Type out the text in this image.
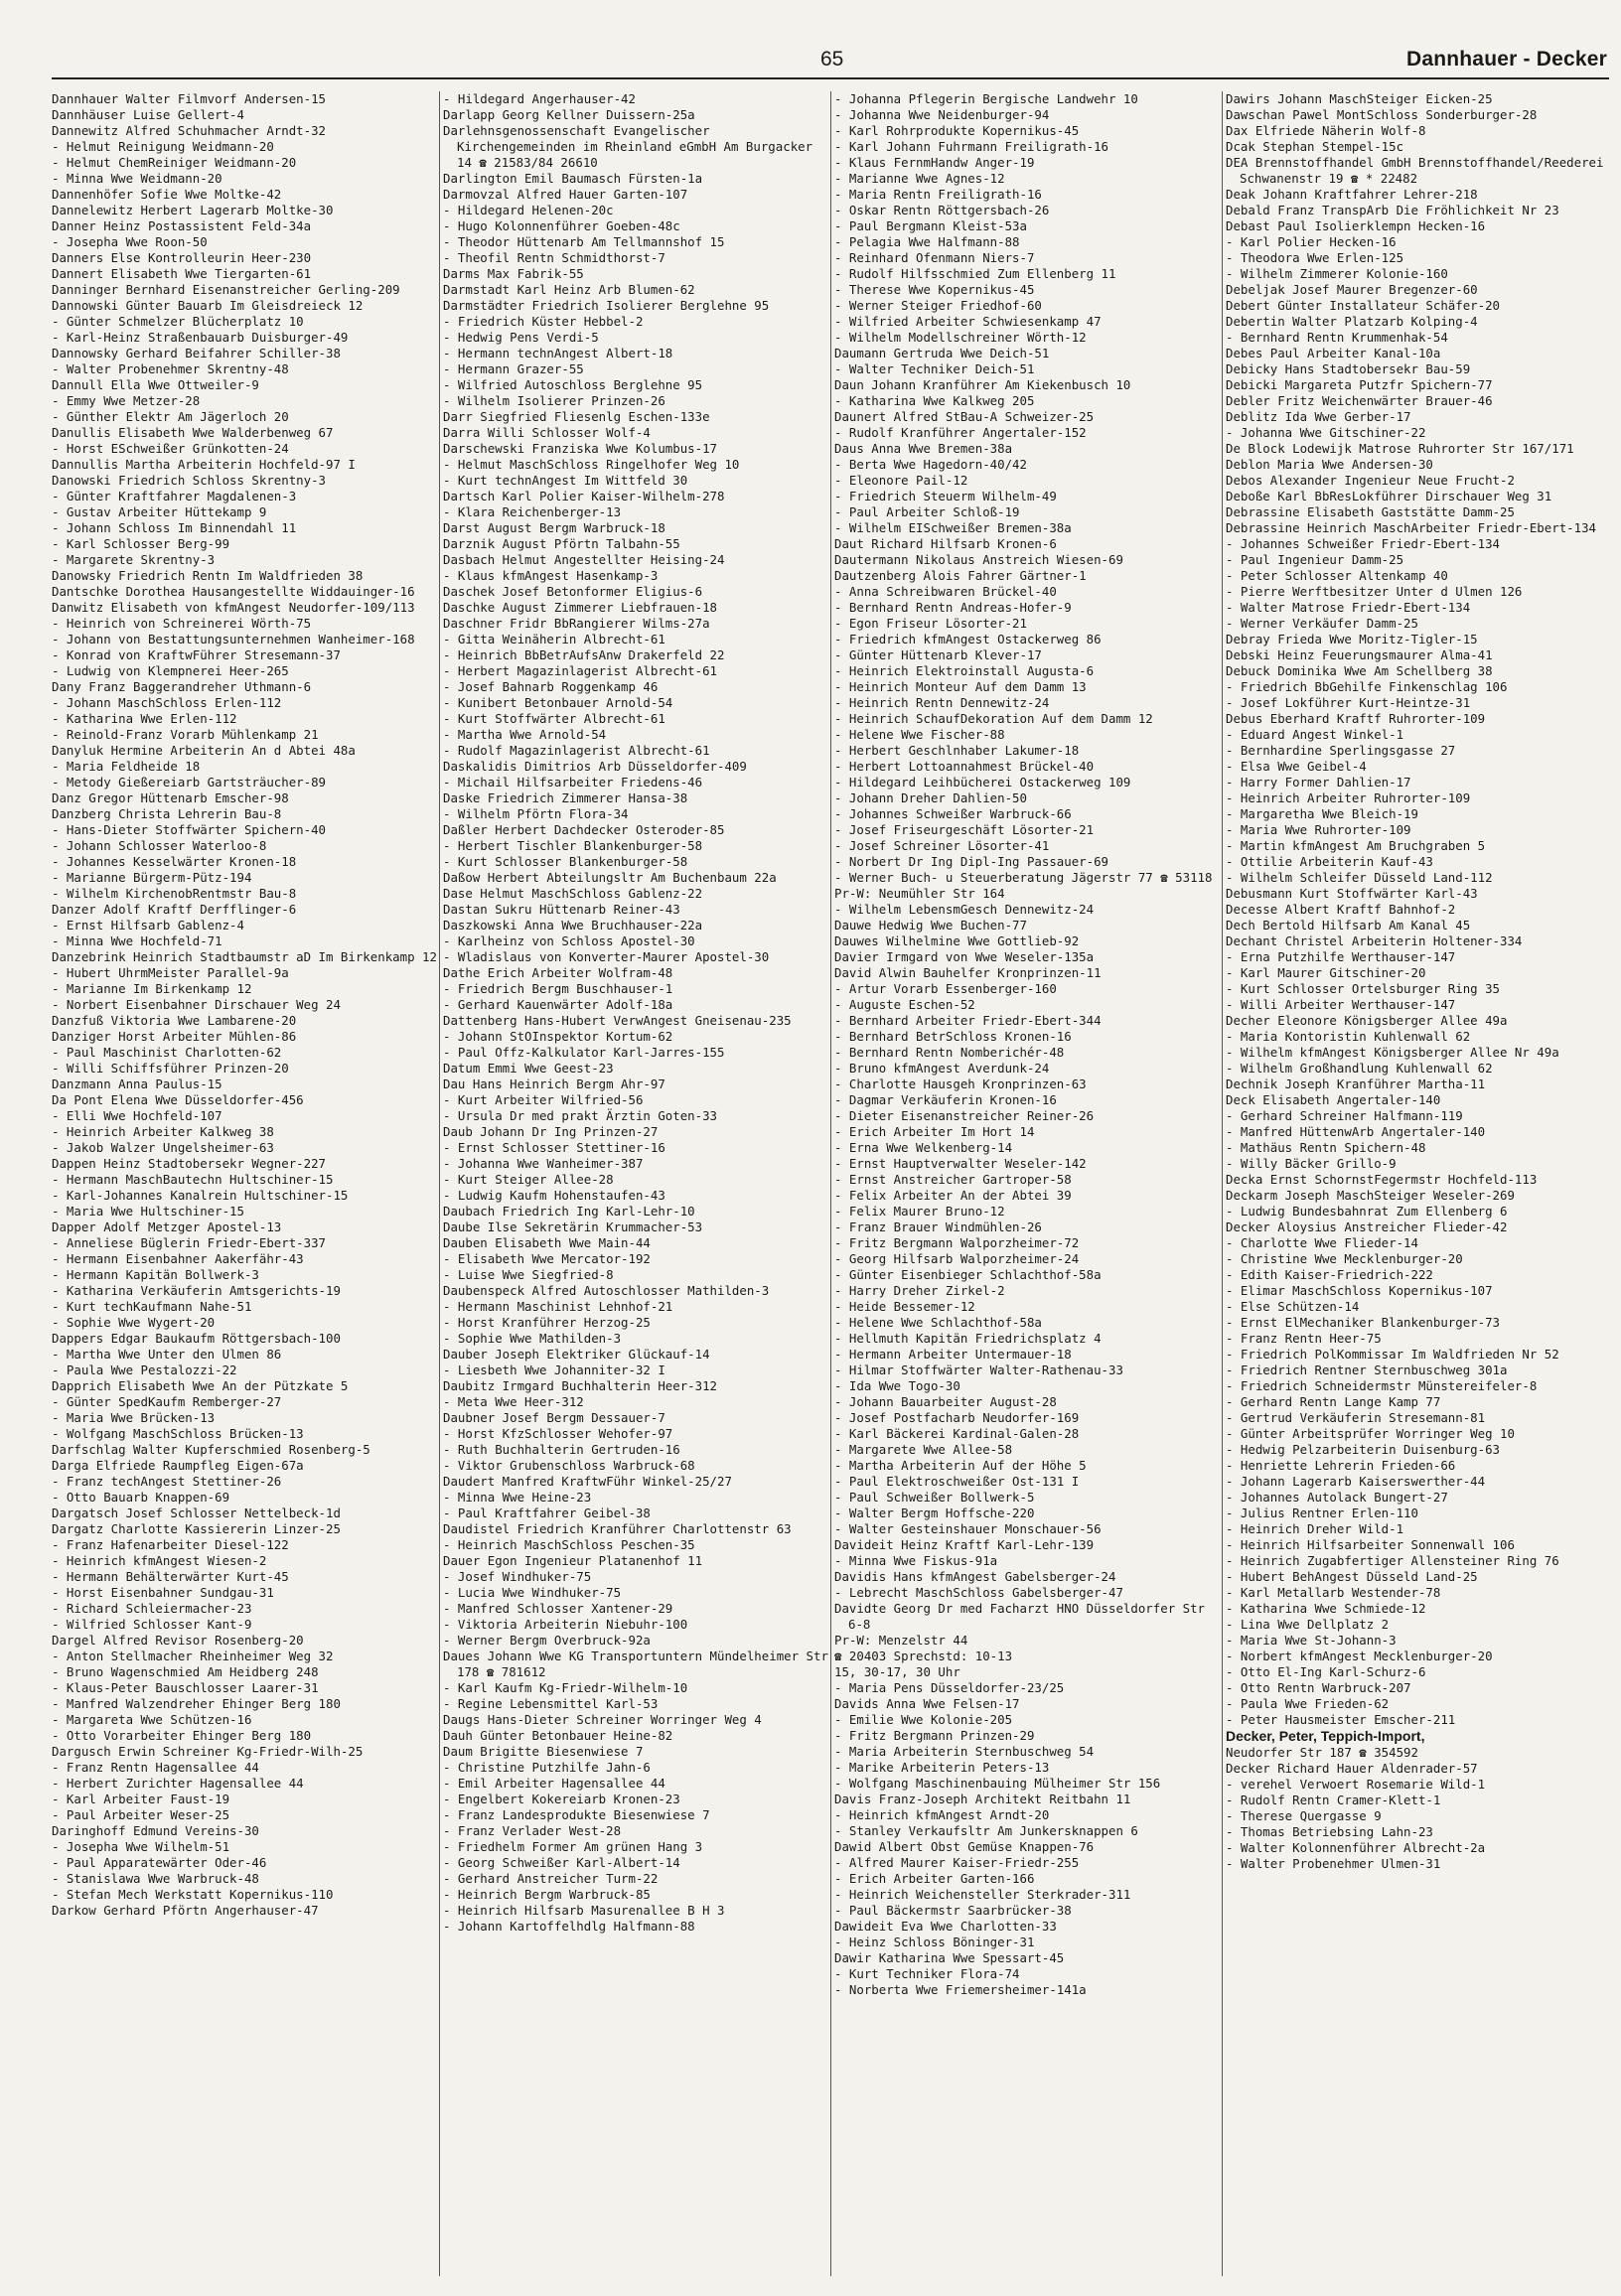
65	Dannhauer - Decker
Dannhauer Walter Filmvorf Andersen-15
Dannhäuser Luise Gellert-4
Dannewitz Alfred Schuhmacher Arndt-32
- Helmut Reinigung Weidmann-20
- Helmut ChemReiniger Weidmann-20
- Minna Wwe Weidmann-20
Dannenhöfer Sofie Wwe Moltke-42
Dannelewitz Herbert Lagerarb Moltke-30
Danner Heinz Postassistent Feld-34a
- Josepha Wwe Roon-50
Danners Else Kontrolleurin Heer-230
Dannert Elisabeth Wwe Tiergarten-61
Danninger Bernhard Eisenanstreicher Gerling-209
Dannowski Günter Bauarb Im Gleisdreieck 12
- Günter Schmelzer Blücherplatz 10
- Karl-Heinz Straßenbauarb Duisburger-49
Dannowsky Gerhard Beifahrer Schiller-38
- Walter Probenehmer Skrentny-48
Dannull Ella Wwe Ottweiler-9
- Emmy Wwe Metzer-28
- Günther Elektr Am Jägerloch 20
Danullis Elisabeth Wwe Walderbenweg 67
- Horst ESchweißer Grünkotten-24
Dannullis Martha Arbeiterin Hochfeld-97 I
Danowski Friedrich Schloss Skrentny-3
- Günter Kraftfahrer Magdalenen-3
- Gustav Arbeiter Hüttekamp 9
- Johann Schloss Im Binnendahl 11
- Karl Schlosser Berg-99
- Margarete Skrentny-3
Danowsky Friedrich Rentn Im Waldfrieden 38
Dantschke Dorothea Hausangestellte Widdauinger-16
Danwitz Elisabeth von kfmAngest Neudorfer-109/113
- Heinrich von Schreinerei Wörth-75
- Johann von Bestattungsunternehmen Wanheimer-168
- Konrad von KraftwFührer Stresemann-37
- Ludwig von Klempnerei Heer-265
Dany Franz Baggerandreher Uthmann-6
- Johann MaschSchloss Erlen-112
- Katharina Wwe Erlen-112
- Reinold-Franz Vorarb Mühlenkamp 21
Danyluk Hermine Arbeiterin An d Abtei 48a
- Maria Feldheide 18
- Metody Gießereiarb Gartsträucher-89
Danz Gregor Hüttenarb Emscher-98
Danzberg Christa Lehrerin Bau-8
- Hans-Dieter Stoffwärter Spichern-40
- Johann Schlosser Waterloo-8
- Johannes Kesselwärter Kronen-18
- Marianne Bürgerm-Pütz-194
- Wilhelm KirchenobRentmstr Bau-8
Danzer Adolf Kraftf Derfflinger-6
- Ernst Hilfsarb Gablenz-4
- Minna Wwe Hochfeld-71
Danzebrink Heinrich Stadtbaumstr aD Im Birkenkamp 12
- Hubert UhrmMeister Parallel-9a
- Marianne Im Birkenkamp 12
- Norbert Eisenbahner Dirschauer Weg 24
Danzfuß Viktoria Wwe Lambarene-20
Danziger Horst Arbeiter Mühlen-86
- Paul Maschinist Charlotten-62
- Willi Schiffsführer Prinzen-20
Danzmann Anna Paulus-15
Da Pont Elena Wwe Düsseldorfer-456
- Elli Wwe Hochfeld-107
- Heinrich Arbeiter Kalkweg 38
- Jakob Walzer Ungelsheimer-63
Dappen Heinz Stadtobersekr Wegner-227
- Hermann MaschBautechn Hultschiner-15
- Karl-Johannes Kanalrein Hultschiner-15
- Maria Wwe Hultschiner-15
Dapper Adolf Metzger Apostel-13
- Anneliese Büglerin Friedr-Ebert-337
- Hermann Eisenbahner Aakerfähr-43
- Hermann Kapitän Bollwerk-3
- Katharina Verkäuferin Amtsgerichts-19
- Kurt techKaufmann Nahe-51
- Sophie Wwe Wygert-20
Dappers Edgar Baukaufm Röttgersbach-100
- Martha Wwe Unter den Ulmen 86
- Paula Wwe Pestalozzi-22
Dapprich Elisabeth Wwe An der Pützkate 5
- Günter SpedKaufm Remberger-27
- Maria Wwe Brücken-13
- Wolfgang MaschSchloss Brücken-13
Darfschlag Walter Kupferschmied Rosenberg-5
Darga Elfriede Raumpfleg Eigen-67a
- Franz techAngest Stettiner-26
- Otto Bauarb Knappen-69
Dargatsch Josef Schlosser Nettelbeck-1d
Dargatz Charlotte Kassiererin Linzer-25
- Franz Hafenarbeiter Diesel-122
- Heinrich kfmAngest Wiesen-2
- Hermann Behälterwärter Kurt-45
- Horst Eisenbahner Sundgau-31
- Richard Schleiermacher-23
- Wilfried Schlosser Kant-9
Dargel Alfred Revisor Rosenberg-20
- Anton Stellmacher Rheinheimer Weg 32
- Bruno Wagenschmied Am Heidberg 248
- Klaus-Peter Bauschlosser Laarer-31
- Manfred Walzendreher Ehinger Berg 180
- Margareta Wwe Schützen-16
- Otto Vorarbeiter Ehinger Berg 180
Dargusch Erwin Schreiner Kg-Friedr-Wilh-25
- Franz Rentn Hagensallee 44
- Herbert Zurichter Hagensallee 44
- Karl Arbeiter Faust-19
- Paul Arbeiter Weser-25
Daringhoff Edmund Vereins-30
- Josepha Wwe Wilhelm-51
- Paul Apparatewärter Oder-46
- Stanislawa Wwe Warbruck-48
- Stefan Mech Werkstatt Kopernikus-110
Darkow Gerhard Pförtn Angerhauser-47
- Hildegard Angerhauser-42
Darlapp Georg Kellner Duissern-25a
Darlehnsgenossenschaft Evangelischer Kirchengemeinden im Rheinland eGmbH Am Burgacker 14 ☎ 21583/84 26610
Darlington Emil Baumasch Fürsten-1a
Darmovzal Alfred Hauer Garten-107
- Hildegard Helenen-20c
- Hugo Kolonnenführer Goeben-48c
- Theodor Hüttenarb Am Tellmannshof 15
- Theofil Rentn Schmidthorst-7
Darms Max Fabrik-55
Darmstadt Karl Heinz Arb Blumen-62
Darmstädter Friedrich Isolierer Berglehne 95
- Friedrich Küster Hebbel-2
- Hedwig Pens Verdi-5
- Hermann technAngest Albert-18
- Hermann Grazer-55
- Wilfried Autoschloss Berglehne 95
- Wilhelm Isolierer Prinzen-26
Darr Siegfried Fliesenlg Eschen-133e
Darra Willi Schlosser Wolf-4
Darschewski Franziska Wwe Kolumbus-17
- Helmut MaschSchloss Ringelhofer Weg 10
- Kurt technAngest Im Wittfeld 30
Dartsch Karl Polier Kaiser-Wilhelm-278
- Klara Reichenberger-13
Darst August Bergm Warbruck-18
Darznik August Pförtn Talbahn-55
Dasbach Helmut Angestellter Heising-24
- Klaus kfmAngest Hasenkamp-3
Daschek Josef Betonformer Eligius-6
Daschke August Zimmerer Liebfrauen-18
Daschner Fridr BbRangierer Wilms-27a
- Gitta Weinäherin Albrecht-61
- Heinrich BbBetrAufsAnw Drakerfeld 22
- Herbert Magazinlagerist Albrecht-61
- Josef Bahnarb Roggenkamp 46
- Kunibert Betonbauer Arnold-54
- Kurt Stoffwärter Albrecht-61
- Martha Wwe Arnold-54
- Rudolf Magazinlagerist Albrecht-61
Daskalidis Dimitrios Arb Düsseldorfer-409
- Michail Hilfsarbeiter Friedens-46
Daske Friedrich Zimmerer Hansa-38
- Wilhelm Pförtn Flora-34
Daßler Herbert Dachdecker Osteroder-85
- Herbert Tischler Blankenburger-58
- Kurt Schlosser Blankenburger-58
Daßow Herbert Abteilungsltr Am Buchenbaum 22a
Dase Helmut MaschSchloss Gablenz-22
Dastan Sukru Hüttenarb Reiner-43
Daszkowski Anna Wwe Bruchhauser-22a
- Karlheinz von Schloss Apostel-30
- Wladislaus von Konverter-Maurer Apostel-30
Dathe Erich Arbeiter Wolfram-48
- Friedrich Bergm Buschhauser-1
- Gerhard Kauenwärter Adolf-18a
Dattenberg Hans-Hubert VerwAngest Gneisenau-235
- Johann StOInspektor Kortum-62
- Paul Offz-Kalkulator Karl-Jarres-155
Datum Emmi Wwe Geest-23
Dau Hans Heinrich Bergm Ahr-97
- Kurt Arbeiter Wilfried-56
- Ursula Dr med prakt Ärztin Goten-33
Daub Johann Dr Ing Prinzen-27
- Ernst Schlosser Stettiner-16
- Johanna Wwe Wanheimer-387
- Kurt Steiger Allee-28
- Ludwig Kaufm Hohenstaufen-43
Daubach Friedrich Ing Karl-Lehr-10
Daube Ilse Sekretärin Krummacher-53
Dauben Elisabeth Wwe Main-44
- Elisabeth Wwe Mercator-192
- Luise Wwe Siegfried-8
Daubenspeck Alfred Autoschlosser Mathilden-3
- Hermann Maschinist Lehnhof-21
- Horst Kranführer Herzog-25
- Sophie Wwe Mathilden-3
Dauber Joseph Elektriker Glückauf-14
- Liesbeth Wwe Johanniter-32 I
Daubitz Irmgard Buchhalterin Heer-312
- Meta Wwe Heer-312
Daubner Josef Bergm Dessauer-7
- Horst KfzSchlosser Wehofer-97
- Ruth Buchhalterin Gertruden-16
- Viktor Grubenschloss Warbruck-68
Daudert Manfred KraftwFühr Winkel-25/27
- Minna Wwe Heine-23
- Paul Kraftfahrer Geibel-38
Daudistel Friedrich Kranführer Charlottenstr 63
- Heinrich MaschSchloss Peschen-35
Dauer Egon Ingenieur Platanenhof 11
- Josef Windhuker-75
- Lucia Wwe Windhuker-75
- Manfred Schlosser Xantener-29
- Viktoria Arbeiterin Niebuhr-100
- Werner Bergm Overbruck-92a
Daues Johann Wwe KG Transportuntern Mündelheimer Str 178 ☎ 781612
- Karl Kaufm Kg-Friedr-Wilhelm-10
- Regine Lebensmittel Karl-53
Daugs Hans-Dieter Schreiner Worringer Weg 4
Dauh Günter Betonbauer Heine-82
Daum Brigitte Biesenwiese 7
- Christine Putzhilfe Jahn-6
- Emil Arbeiter Hagensallee 44
- Engelbert Kokereiarb Kronen-23
- Franz Landesprodukte Biesenwiese 7
- Franz Verlader West-28
- Friedhelm Former Am grünen Hang 3
- Georg Schweißer Karl-Albert-14
- Gerhard Anstreicher Turm-22
- Heinrich Bergm Warbruck-85
- Heinrich Hilfsarb Masurenallee B H 3
- Johann Kartoffelhdlg Halfmann-88
- Johanna Pflegerin Bergische Landwehr 10
- Johanna Wwe Neidenburger-94
- Karl Rohrprodukte Kopernikus-45
- Karl Johann Fuhrmann Freiligrath-16
- Klaus FernmHandw Anger-19
- Marianne Wwe Agnes-12
- Maria Rentn Freiligrath-16
- Oskar Rentn Röttgersbach-26
- Paul Bergmann Kleist-53a
- Pelagia Wwe Halfmann-88
- Reinhard Ofenmann Niers-7
- Rudolf Hilfsschmied Zum Ellenberg 11
- Therese Wwe Kopernikus-45
- Werner Steiger Friedhof-60
- Wilfried Arbeiter Schwiesenkamp 47
- Wilhelm Modellschreiner Wörth-12
Daumann Gertruda Wwe Deich-51
- Walter Techniker Deich-51
Daun Johann Kranführer Am Kiekenbusch 10
- Katharina Wwe Kalkweg 205
Daunert Alfred StBau-A Schweizer-25
- Rudolf Kranführer Angertaler-152
Daus Anna Wwe Bremen-38a
- Berta Wwe Hagedorn-40/42
- Eleonore Pail-12
- Friedrich Steuerm Wilhelm-49
- Paul Arbeiter Schloß-19
- Wilhelm EISchweißer Bremen-38a
Daut Richard Hilfsarb Kronen-6
Dautermann Nikolaus Anstreich Wiesen-69
Dautzenberg Alois Fahrer Gärtner-1
- Anna Schreibwaren Brückel-40
- Bernhard Rentn Andreas-Hofer-9
- Egon Friseur Lösorter-21
- Friedrich kfmAngest Ostackerweg 86
- Günter Hüttenarb Klever-17
- Heinrich Elektroinstall Augusta-6
- Heinrich Monteur Auf dem Damm 13
- Heinrich Rentn Dennewitz-24
- Heinrich SchaufDekoration Auf dem Damm 12
- Helene Wwe Fischer-88
- Herbert Geschlnhaber Lakumer-18
- Herbert Lottoannahmest Brückel-40
- Hildegard Leihbücherei Ostackerweg 109
- Johann Dreher Dahlien-50
- Johannes Schweißer Warbruck-66
- Josef Friseurgeschäft Lösorter-21
- Josef Schreiner Lösorter-41
- Norbert Dr Ing Dipl-Ing Passauer-69
- Werner Buch- u Steuerberatung Jägerstr 77 ☎ 53118
Pr-W: Neumühler Str 164
- Wilhelm LebensmGesch Dennewitz-24
Dauwe Hedwig Wwe Buchen-77
Dauwes Wilhelmine Wwe Gottlieb-92
Davier Irmgard von Wwe Weseler-135a
David Alwin Bauhelfer Kronprinzen-11
- Artur Vorarb Essenberger-160
- Auguste Eschen-52
- Bernhard Arbeiter Friedr-Ebert-344
- Bernhard BetrSchloss Kronen-16
- Bernhard Rentn Nomberichér-48
- Bruno kfmAngest Averdunk-24
- Charlotte Hausgeh Kronprinzen-63
- Dagmar Verkäuferin Kronen-16
- Dieter Eisenanstreicher Reiner-26
- Erich Arbeiter Im Hort 14
- Erna Wwe Welkenberg-14
- Ernst Hauptverwalter Weseler-142
- Ernst Anstreicher Gartroper-58
- Felix Arbeiter An der Abtei 39
- Felix Maurer Bruno-12
- Franz Brauer Windmühlen-26
- Fritz Bergmann Walporzheimer-72
- Georg Hilfsarb Walporzheimer-24
- Günter Eisenbieger Schlachthof-58a
- Harry Dreher Zirkel-2
- Heide Bessemer-12
- Helene Wwe Schlachthof-58a
- Hellmuth Kapitän Friedrichsplatz 4
- Hermann Arbeiter Untermauer-18
- Hilmar Stoffwärter Walter-Rathenau-33
- Ida Wwe Togo-30
- Johann Bauarbeiter August-28
- Josef Postfacharb Neudorfer-169
- Karl Bäckerei Kardinal-Galen-28
- Margarete Wwe Allee-58
- Martha Arbeiterin Auf der Höhe 5
- Paul Elektroschweißer Ost-131 I
- Paul Schweißer Bollwerk-5
- Walter Bergm Hoffsche-220
- Walter Gesteinshauer Monschauer-56
Davideit Heinz Kraftf Karl-Lehr-139
- Minna Wwe Fiskus-91a
Davidis Hans kfmAngest Gabelsberger-24
- Lebrecht MaschSchloss Gabelsberger-47
Davidte Georg Dr med Facharzt HNO Düsseldorfer Str 6-8
Pr-W: Menzelstr 44
☎ 20403 Sprechstd: 10-13
15, 30-17, 30 Uhr
- Maria Pens Düsseldorfer-23/25
Davids Anna Wwe Felsen-17
- Emilie Wwe Kolonie-205
- Fritz Bergmann Prinzen-29
- Maria Arbeiterin Sternbuschweg 54
- Marike Arbeiterin Peters-13
- Wolfgang Maschinenbauing Mülheimer Str 156
Davis Franz-Joseph Architekt Reitbahn 11
- Heinrich kfmAngest Arndt-20
- Stanley Verkaufsltr Am Junkersknappen 6
Dawid Albert Obst Gemüse Knappen-76
- Alfred Maurer Kaiser-Friedr-255
- Erich Arbeiter Garten-166
- Heinrich Weichensteller Sterkrader-311
- Paul Bäckermstr Saarbrücker-38
Dawideit Eva Wwe Charlotten-33
- Heinz Schloss Böninger-31
Dawir Katharina Wwe Spessart-45
- Kurt Techniker Flora-74
- Norberta Wwe Friemersheimer-141a
Dawirs Johann MaschSteiger Eicken-25
Dawschan Pawel MontSchloss Sonderburger-28
Dax Elfriede Näherin Wolf-8
Dcak Stephan Stempel-15c
DEA Brennstoffhandel GmbH Brennstoffhandel/Reederei Schwanenstr 19 ☎ * 22482
Deak Johann Kraftfahrer Lehrer-218
Debald Franz TranspArb Die Fröhlichkeit Nr 23
Debast Paul Isolierklempn Hecken-16
- Karl Polier Hecken-16
- Theodora Wwe Erlen-125
- Wilhelm Zimmerer Kolonie-160
Debeljak Josef Maurer Bregenzer-60
Debert Günter Installateur Schäfer-20
Debertin Walter Platzarb Kolping-4
- Bernhard Rentn Krummenhak-54
Debes Paul Arbeiter Kanal-10a
Debicky Hans Stadtobersekr Bau-59
Debicki Margareta Putzfr Spichern-77
Debler Fritz Weichenwärter Brauer-46
Deblitz Ida Wwe Gerber-17
- Johanna Wwe Gitschiner-22
De Block Lodewijk Matrose Ruhrorter Str 167/171
Deblon Maria Wwe Andersen-30
Debos Alexander Ingenieur Neue Frucht-2
Deboße Karl BbResLokführer Dirschauer Weg 31
Debrassine Elisabeth Gaststätte Damm-25
Debrassine Heinrich MaschArbeiter Friedr-Ebert-134
- Johannes Schweißer Friedr-Ebert-134
- Paul Ingenieur Damm-25
- Peter Schlosser Altenkamp 40
- Pierre Werftbesitzer Unter d Ulmen 126
- Walter Matrose Friedr-Ebert-134
- Werner Verkäufer Damm-25
Debray Frieda Wwe Moritz-Tigler-15
Debski Heinz Feuerungsmaurer Alma-41
Debuck Dominika Wwe Am Schellberg 38
- Friedrich BbGehilfe Finkenschlag 106
- Josef Lokführer Kurt-Heintze-31
Debus Eberhard Kraftf Ruhrorter-109
- Eduard Angest Winkel-1
- Bernhardine Sperlingsgasse 27
- Elsa Wwe Geibel-4
- Harry Former Dahlien-17
- Heinrich Arbeiter Ruhrorter-109
- Margaretha Wwe Bleich-19
- Maria Wwe Ruhrorter-109
- Martin kfmAngest Am Bruchgraben 5
- Ottilie Arbeiterin Kauf-43
- Wilhelm Schleifer Düsseld Land-112
Debusmann Kurt Stoffwärter Karl-43
Decesse Albert Kraftf Bahnhof-2
Dech Bertold Hilfsarb Am Kanal 45
Dechant Christel Arbeiterin Holtener-334
- Erna Putzhilfe Werthauser-147
- Karl Maurer Gitschiner-20
- Kurt Schlosser Ortelsburger Ring 35
- Willi Arbeiter Werthauser-147
Decher Eleonore Königsberger Allee 49a
- Maria Kontoristin Kuhlenwall 62
- Wilhelm kfmAngest Königsberger Allee Nr 49a
- Wilhelm Großhandlung Kuhlenwall 62
Dechnik Joseph Kranführer Martha-11
Deck Elisabeth Angertaler-140
- Gerhard Schreiner Halfmann-119
- Manfred HüttenwArb Angertaler-140
- Mathäus Rentn Spichern-48
- Willy Bäcker Grillo-9
Decka Ernst SchornstFegermstr Hochfeld-113
Deckarm Joseph MaschSteiger Weseler-269
- Ludwig Bundesbahnrat Zum Ellenberg 6
Decker Aloysius Anstreicher Flieder-42
- Charlotte Wwe Flieder-14
- Christine Wwe Mecklenburger-20
- Edith Kaiser-Friedrich-222
- Elimar MaschSchloss Kopernikus-107
- Else Schützen-14
- Ernst ElMechaniker Blankenburger-73
- Franz Rentn Heer-75
- Friedrich PolKommissar Im Waldfrieden Nr 52
- Friedrich Rentner Sternbuschweg 301a
- Friedrich Schneidermstr Münstereifeler-8
- Gerhard Rentn Lange Kamp 77
- Gertrud Verkäuferin Stresemann-81
- Günter Arbeitsprüfer Worringer Weg 10
- Hedwig Pelzarbeiterin Duisenburg-63
- Henriette Lehrerin Frieden-66
- Johann Lagerarb Kaiserswerther-44
- Johannes Autolack Bungert-27
- Julius Rentner Erlen-110
- Heinrich Dreher Wild-1
- Heinrich Hilfsarbeiter Sonnenwall 106
- Heinrich Zugabfertiger Allensteiner Ring 76
- Hubert BehAngest Düsseld Land-25
- Karl Metallarb Westender-78
- Katharina Wwe Schmiede-12
- Lina Wwe Dellplatz 2
- Maria Wwe St-Johann-3
- Norbert kfmAngest Mecklenburger-20
- Otto El-Ing Karl-Schurz-6
- Otto Rentn Warbruck-207
- Paula Wwe Frieden-62
- Peter Hausmeister Emscher-211
Decker, Peter, Teppich-Import,
Neudorfer Str 187 ☎ 354592
Decker Richard Hauer Aldenrader-57
- verehel Verwoert Rosemarie Wild-1
- Rudolf Rentn Cramer-Klett-1
- Therese Quergasse 9
- Thomas Betriebsing Lahn-23
- Walter Kolonnenführer Albrecht-2a
- Walter Probenehmer Ulmen-31
